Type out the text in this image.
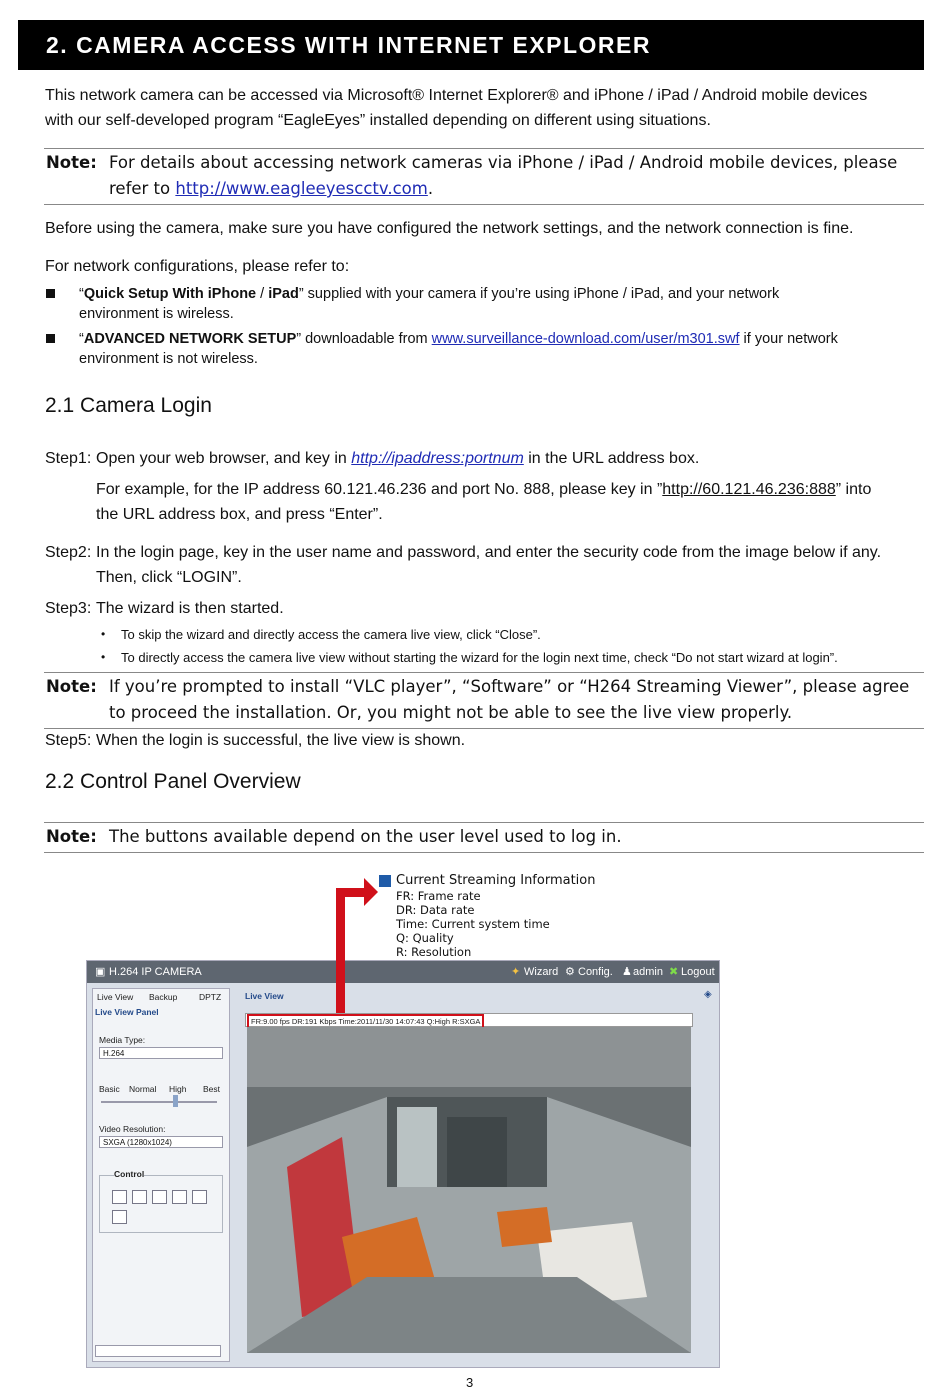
2. CAMERA ACCESS WITH INTERNET EXPLORER
This network camera can be accessed via Microsoft® Internet Explorer® and iPhone / iPad / Android mobile devices
with our self-developed program “EagleEyes” installed depending on different using situations.
Note: For details about accessing network cameras via iPhone / iPad / Android mobile devices, please
refer to http://www.eagleeyescctv.com.
Before using the camera, make sure you have configured the network settings, and the network connection is fine.
For network configurations, please refer to:
“Quick Setup With iPhone / iPad” supplied with your camera if you’re using iPhone / iPad, and your network
environment is wireless.
“ADVANCED NETWORK SETUP” downloadable from www.surveillance-download.com/user/m301.swf if your network
environment is not wireless.
2.1 Camera Login
Step1: Open your web browser, and key in http://ipaddress:portnum in the URL address box.
For example, for the IP address 60.121.46.236 and port No. 888, please key in ”http://60.121.46.236:888” into
the URL address box, and press “Enter”.
Step2: In the login page, key in the user name and password, and enter the security code from the image below if any.
Then, click “LOGIN”.
Step3: The wizard is then started.
• To skip the wizard and directly access the camera live view, click “Close”.
• To directly access the camera live view without starting the wizard for the login next time, check “Do not start wizard at login”.
Note: If you’re prompted to install “VLC player”, “Software” or “H264 Streaming Viewer”, please agree
to proceed the installation. Or, you might not be able to see the live view properly.
Step5: When the login is successful, the live view is shown.
2.2 Control Panel Overview
Note: The buttons available depend on the user level used to log in.
Current Streaming Information
FR: Frame rate
DR: Data rate
Time: Current system time
Q: Quality
R: Resolution
▣ H.264 IP CAMERA	✦ Wizard ⚙ Config. ♟ admin ✖ Logout
Live View Backup	DPTZ
Live View Panel
Media Type:
H.264
Basic Normal High Best
Video Resolution:
SXGA (1280x1024)
Control
Live View
FR:9.00 fps DR:191 Kbps Time:2011/11/30 14:07:43 Q:High R:SXGA
◈
3
